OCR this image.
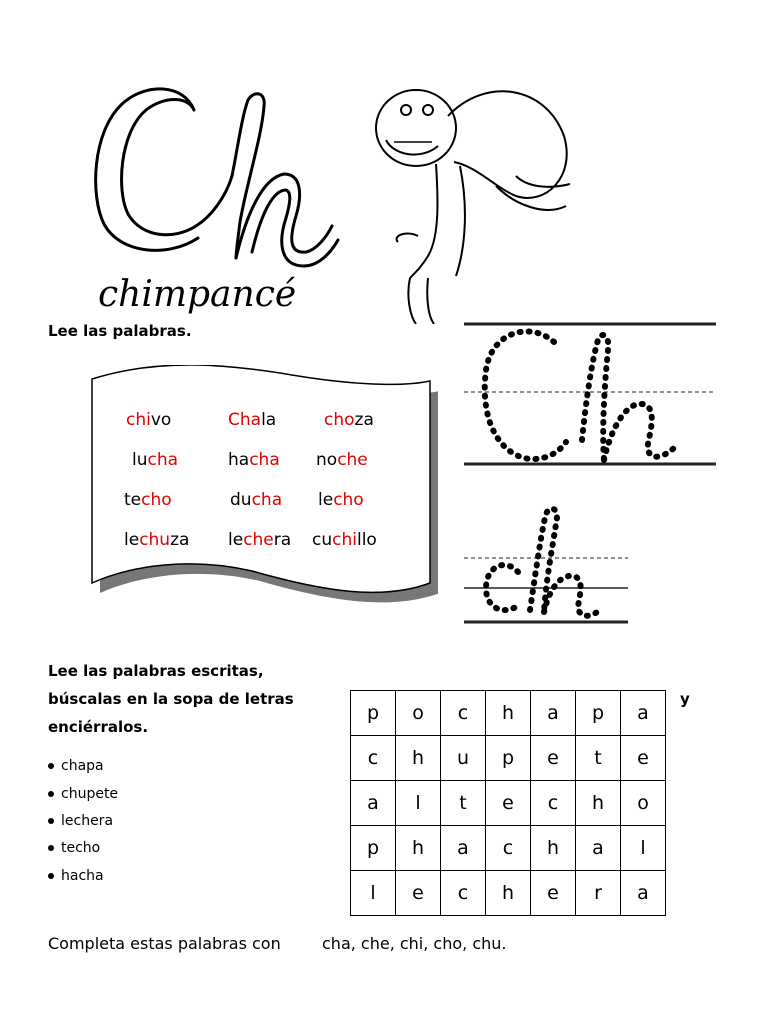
chimpancé
Lee las palabras.
chivo	Chala	choza
lucha	hacha noche
techo	ducha lecho
lechuza lechera cuchillo
Lee las palabras escritas,
búscalas en la sopa de letras	y
enciérralos.
chapa
chupete
lechera
techo
hacha
p	o	c	h	a	p	a
c	h	u	p	e	t	e
a	l	t	e	c	h	o
p	h	a	c	h	a	l
l	e	c	h	e	r	a
Completa estas palabras con	cha, che, chi, cho, chu.
